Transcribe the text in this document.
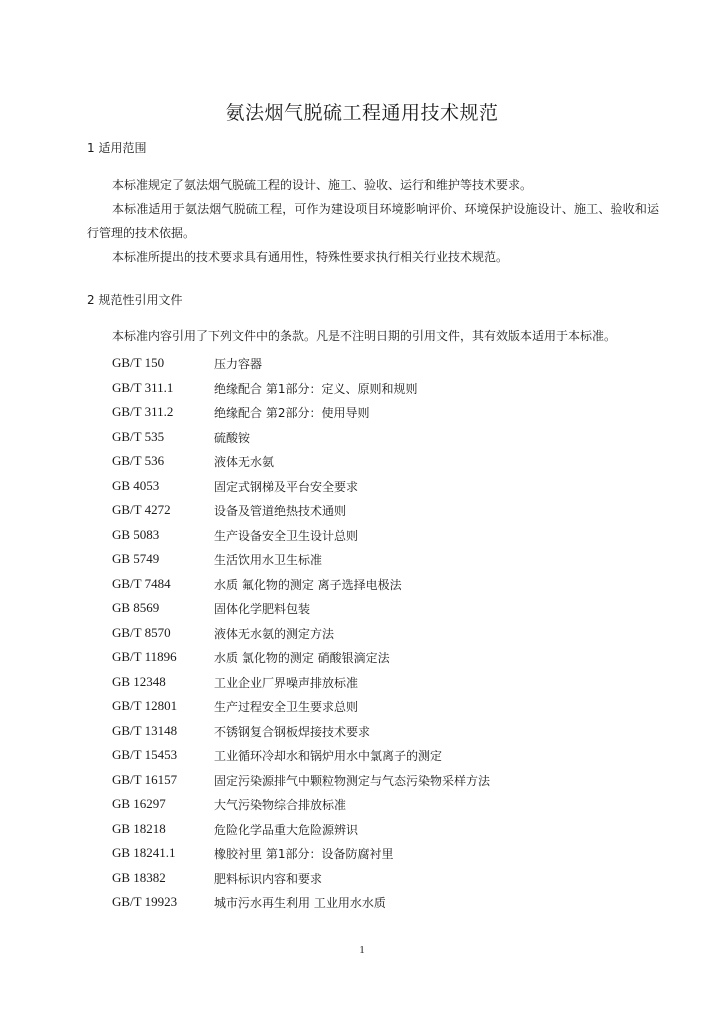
氨法烟气脱硫工程通用技术规范
1 适用范围
本标准规定了氨法烟气脱硫工程的设计、施工、验收、运行和维护等技术要求。
本标准适用于氨法烟气脱硫工程，可作为建设项目环境影响评价、环境保护设施设计、施工、验收和运行管理的技术依据。
本标准所提出的技术要求具有通用性，特殊性要求执行相关行业技术规范。
2 规范性引用文件
本标准内容引用了下列文件中的条款。凡是不注明日期的引用文件，其有效版本适用于本标准。
GB/T 150	压力容器
GB/T 311.1	绝缘配合 第1部分：定义、原则和规则
GB/T 311.2	绝缘配合 第2部分：使用导则
GB/T 535	硫酸铵
GB/T 536	液体无水氨
GB 4053	固定式钢梯及平台安全要求
GB/T 4272	设备及管道绝热技术通则
GB 5083	生产设备安全卫生设计总则
GB 5749	生活饮用水卫生标准
GB/T 7484	水质 氟化物的测定 离子选择电极法
GB 8569	固体化学肥料包装
GB/T 8570	液体无水氨的测定方法
GB/T 11896	水质 氯化物的测定 硝酸银滴定法
GB 12348	工业企业厂界噪声排放标准
GB/T 12801	生产过程安全卫生要求总则
GB/T 13148	不锈钢复合钢板焊接技术要求
GB/T 15453	工业循环冷却水和锅炉用水中氯离子的测定
GB/T 16157	固定污染源排气中颗粒物测定与气态污染物采样方法
GB 16297	大气污染物综合排放标准
GB 18218	危险化学品重大危险源辨识
GB 18241.1	橡胶衬里 第1部分：设备防腐衬里
GB 18382	肥料标识内容和要求
GB/T 19923	城市污水再生利用 工业用水水质
1
